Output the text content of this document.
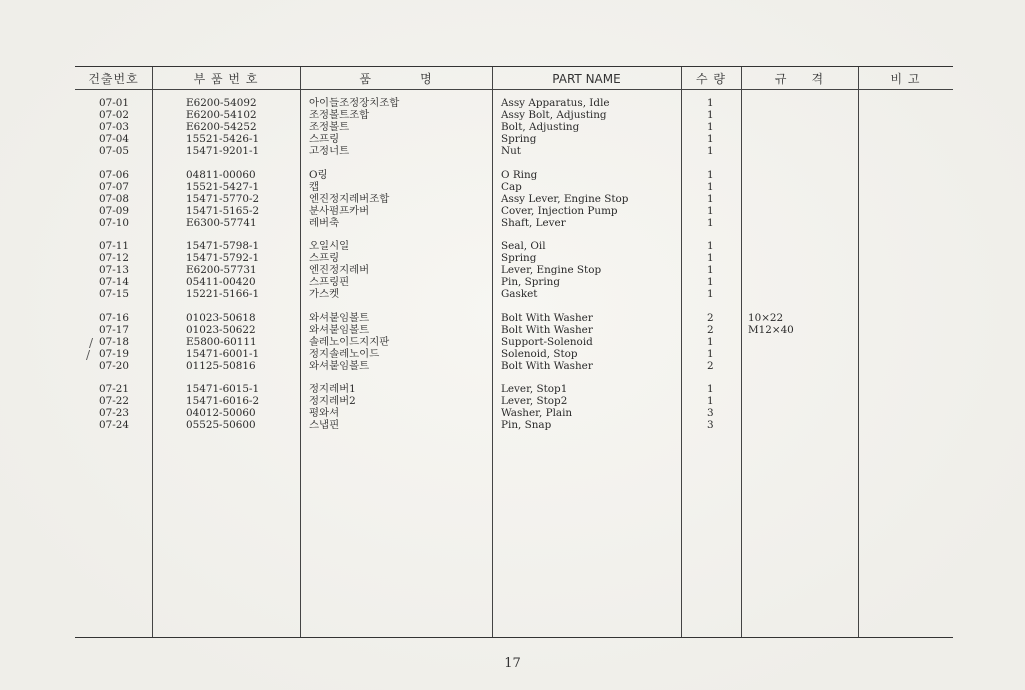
건출번호	부 품 번 호	품          명	PART NAME	수 량	규     격	비 고
07-01	E6200-54092	아이들조정장치조합	Assy Apparatus, Idle	1
07-02	E6200-54102	조정볼트조합	Assy Bolt, Adjusting	1
07-03	E6200-54252	조정볼트	Bolt, Adjusting	1
07-04	15521-5426-1	스프링	Spring	1
07-05	15471-9201-1	고정너트	Nut	1
07-06	04811-00060	O링	O Ring	1
07-07	15521-5427-1	캡	Cap	1
07-08	15471-5770-2	엔진정지레버조합	Assy Lever, Engine Stop	1
07-09	15471-5165-2	분사펌프카버	Cover, Injection Pump	1
07-10	E6300-57741	레버축	Shaft, Lever	1
07-11	15471-5798-1	오일시일	Seal, Oil	1
07-12	15471-5792-1	스프링	Spring	1
07-13	E6200-57731	엔진정지레버	Lever, Engine Stop	1
07-14	05411-00420	스프링핀	Pin, Spring	1
07-15	15221-5166-1	가스켓	Gasket	1
07-16	01023-50618	와셔붙임볼트	Bolt With Washer	2	10×22
07-17	01023-50622	와셔붙임볼트	Bolt With Washer	2	M12×40
07-18	E5800-60111	솔레노이드지지판	Support-Solenoid	1
07-19	15471-6001-1	정지솔레노이드	Solenoid, Stop	1
07-20	01125-50816	와셔붙임볼트	Bolt With Washer	2
07-21	15471-6015-1	정지레버1	Lever, Stop1	1
07-22	15471-6016-2	정지레버2	Lever, Stop2	1
07-23	04012-50060	평와셔	Washer, Plain	3
07-24	05525-50600	스냅핀	Pin, Snap	3
/
/
17
